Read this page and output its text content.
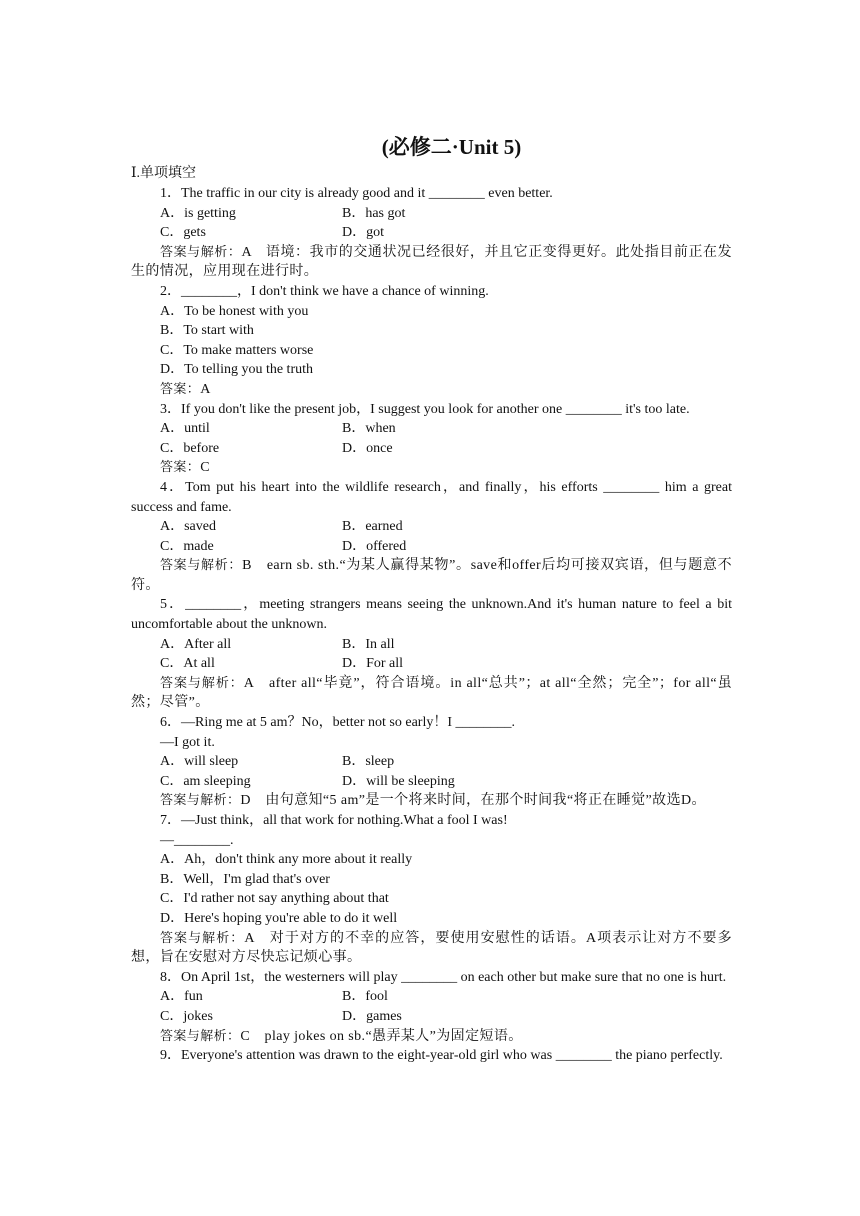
(必修二·Unit 5)
Ⅰ.单项填空
1．The traffic in our city is already good and it ________ even better.
A．is getting	B．has got
C．gets	D．got
答案与解析：A　语境：我市的交通状况已经很好，并且它正变得更好。此处指目前正在发生的情况，应用现在进行时。
2．________，I don't think we have a chance of winning.
A．To be honest with you
B．To start with
C．To make matters worse
D．To telling you the truth
答案：A
3．If you don't like the present job，I suggest you look for another one ________ it's too late.
A．until	B．when
C．before	D．once
答案：C
4．Tom put his heart into the wildlife research，and finally，his efforts ________ him a great success and fame.
A．saved	B．earned
C．made	D．offered
答案与解析：B　earn sb. sth.“为某人赢得某物”。save和offer后均可接双宾语，但与题意不符。
5．________，meeting strangers means seeing the unknown.And it's human nature to feel a bit uncomfortable about the unknown.
A．After all	B．In all
C．At all	D．For all
答案与解析：A　after all“毕竟”，符合语境。in all“总共”；at all“全然；完全”；for all“虽然；尽管”。
6．—Ring me at 5 am？No，better not so early！I ________.
—I got it.
A．will sleep	B．sleep
C．am sleeping	D．will be sleeping
答案与解析：D　由句意知“5 am”是一个将来时间，在那个时间我“将正在睡觉”故选D。
7．—Just think，all that work for nothing.What a fool I was!
—________.
A．Ah，don't think any more about it really
B．Well，I'm glad that's over
C．I'd rather not say anything about that
D．Here's hoping you're able to do it well
答案与解析：A　对于对方的不幸的应答，要使用安慰性的话语。A项表示让对方不要多想，旨在安慰对方尽快忘记烦心事。
8．On April 1st，the westerners will play ________ on each other but make sure that no one is hurt.
A．fun	B．fool
C．jokes	D．games
答案与解析：C　play jokes on sb.“愚弄某人”为固定短语。
9．Everyone's attention was drawn to the eight-year-old girl who was ________ the piano perfectly.
